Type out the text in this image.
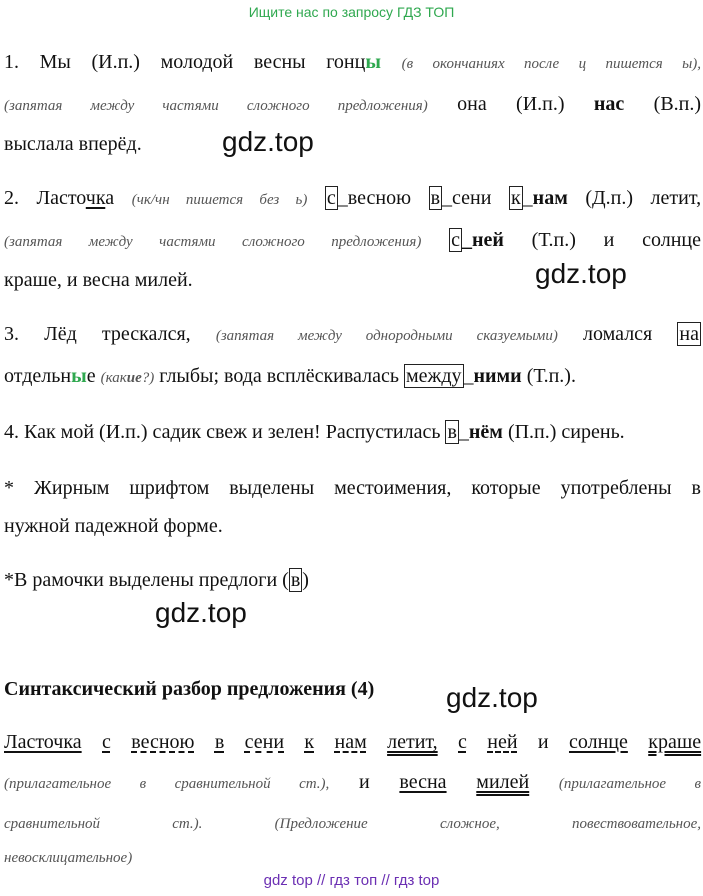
Ищите нас по запросу ГДЗ ТОП
1. Мы (И.п.) молодой весны гонцы (в окончаниях после ц пишется ы),
(запятая между частями сложного предложения) она (И.п.) нас (В.п.)
выслала вперёд.
2. Ласточка (чк/чн пишется без ь) с _весною в _сени к _нам (Д.п.) летит,
(запятая между частями сложного предложения) с _ней (Т.п.) и солнце
краше, и весна милей.
3. Лёд трескался, (запятая между однородными сказуемыми) ломался на
отдельные (какие?) глыбы; вода всплёскивалась между _ними (Т.п.).
4. Как мой (И.п.) садик свеж и зелен! Распустилась в _нём (П.п.) сирень.
* Жирным шрифтом выделены местоимения, которые употреблены в
нужной падежной форме.
*В рамочки выделены предлоги ( в )
gdz.top
gdz.top
gdz.top
gdz.top
Синтаксический разбор предложения (4)
Ласточка с весною в сени к нам летит, с ней и солнце краше
(прилагательное в сравнительной ст.), и весна милей (прилагательное в
сравнительной ст.). (Предложение сложное, повествовательное,
невосклицательное)
gdz top // гдз топ // гдз top
